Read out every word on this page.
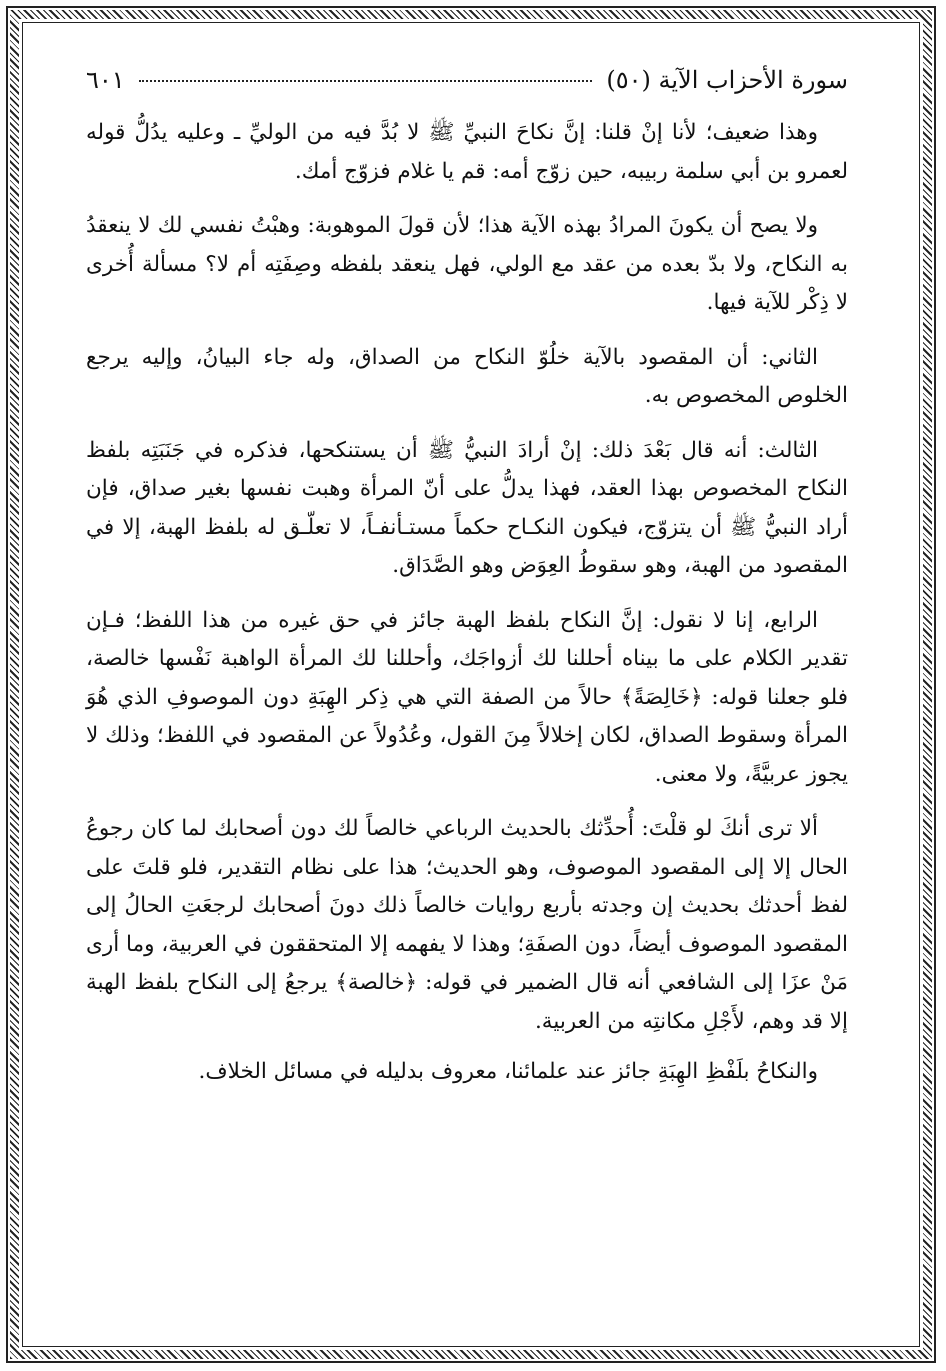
سورة الأحزاب الآية (٥٠)
٦٠١

وهذا ضعيف؛ لأنا إنْ قلنا: إنَّ نكاحَ النبيِّ ﷺ لا بُدَّ فيه من الوليِّ ـ وعليه يدُلُّ قوله لعمرو بن أبي سلمة ربيبه، حين زوّج أمه: قم يا غلام فزوّج أمك.

ولا يصح أن يكونَ المرادُ بهذه الآية هذا؛ لأن قولَ الموهوبة: وهبْتُ نفسي لك لا ينعقدُ به النكاح، ولا بدّ بعده من عقد مع الولي، فهل ينعقد بلفظه وصِفَتِه أم لا؟ مسألة أُخرى لا ذِكْر للآية فيها.

الثاني: أن المقصود بالآية خلُوّ النكاح من الصداق، وله جاء البيانُ، وإليه يرجع الخلوص المخصوص به.

الثالث: أنه قال بَعْدَ ذلك: إنْ أرادَ النبيُّ ﷺ أن يستنكحها، فذكره في جَنَبَتِه بلفظ النكاح المخصوص بهذا العقد، فهذا يدلُّ على أنّ المرأة وهبت نفسها بغير صداق، فإن أراد النبيُّ ﷺ أن يتزوّج، فيكون النكـاح حكماً مستـأنفـاً، لا تعلّـق له بلفظ الهبة، إلا في المقصود من الهبة، وهو سقوطُ العِوَض وهو الصَّدَاق.

الرابع، إنا لا نقول: إنَّ النكاح بلفظ الهبة جائز في حق غيره من هذا اللفظ؛ فـإن تقدير الكلام على ما بيناه أحللنا لك أزواجَك، وأحللنا لك المرأة الواهبة نَفْسها خالصة، فلو جعلنا قوله: ﴿خَالِصَةً﴾ حالاً من الصفة التي هي ذِكر الهِبَةِ دون الموصوفِ الذي هُوَ المرأة وسقوط الصداق، لكان إخلالاً مِنَ القول، وعُدُولاً عن المقصود في اللفظ؛ وذلك لا يجوز عربيَّةً، ولا معنى.

ألا ترى أنكَ لو قلْتَ: أُحدِّثك بالحديث الرباعي خالصاً لك دون أصحابك لما كان رجوعُ الحال إلا إلى المقصود الموصوف، وهو الحديث؛ هذا على نظام التقدير، فلو قلتَ على لفظ أحدثك بحديث إن وجدته بأربع روايات خالصاً ذلك دونَ أصحابك لرجعَتِ الحالُ إلى المقصود الموصوف أيضاً، دون الصفَةِ؛ وهذا لا يفهمه إلا المتحققون في العربية، وما أرى مَنْ عزَا إلى الشافعي أنه قال الضمير في قوله: ﴿خالصة﴾ يرجعُ إلى النكاح بلفظ الهبة إلا قد وهم، لأَجْلِ مكانتِه من العربية.

والنكاحُ بلَفْظِ الهِبَةِ جائز عند علمائنا، معروف بدليله في مسائل الخلاف.
